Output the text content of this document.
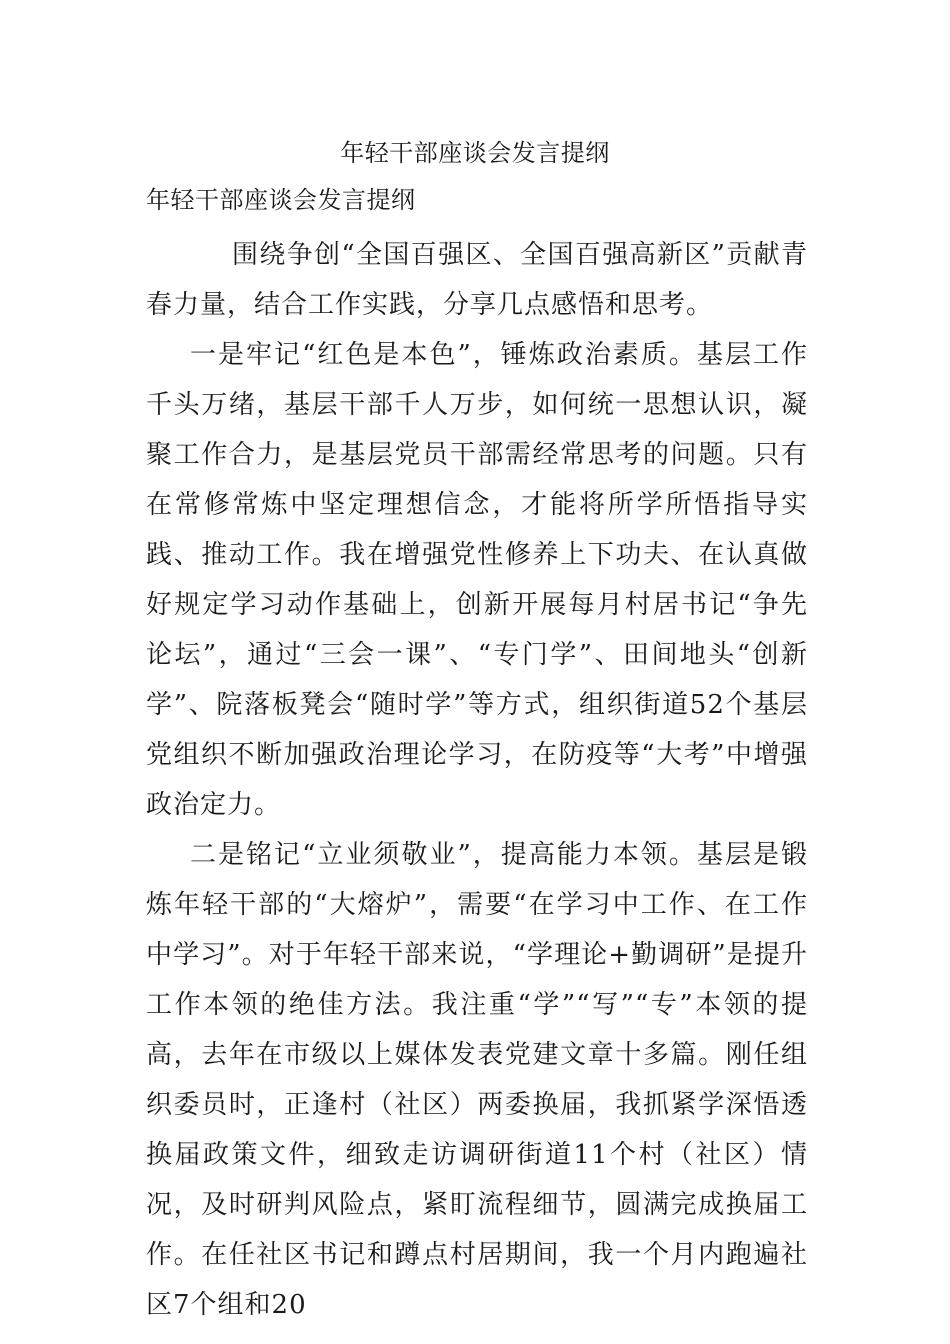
年轻干部座谈会发言提纲
年轻干部座谈会发言提纲

围绕争创“全国百强区、全国百强高新区”贡献青春力量，结合工作实践，分享几点感悟和思考。

一是牢记“红色是本色”，锤炼政治素质。基层工作千头万绪，基层干部千人万步，如何统一思想认识，凝聚工作合力，是基层党员干部需经常思考的问题。只有在常修常炼中坚定理想信念，才能将所学所悟指导实践、推动工作。我在增强党性修养上下功夫、在认真做好规定学习动作基础上，创新开展每月村居书记“争先论坛”，通过“三会一课”、“专门学”、田间地头“创新学”、院落板凳会“随时学”等方式，组织街道52个基层党组织不断加强政治理论学习，在防疫等“大考”中增强政治定力。

二是铭记“立业须敬业”，提高能力本领。基层是锻炼年轻干部的“大熔炉”，需要“在学习中工作、在工作中学习”。对于年轻干部来说，“学理论+勤调研”是提升工作本领的绝佳方法。我注重“学”“写”“专”本领的提高，去年在市级以上媒体发表党建文章十多篇。刚任组织委员时，正逢村（社区）两委换届，我抓紧学深悟透换届政策文件，细致走访调研街道11个村（社区）情况，及时研判风险点，紧盯流程细节，圆满完成换届工作。在任社区书记和蹲点村居期间，我一个月内跑遍社区7个组和20
